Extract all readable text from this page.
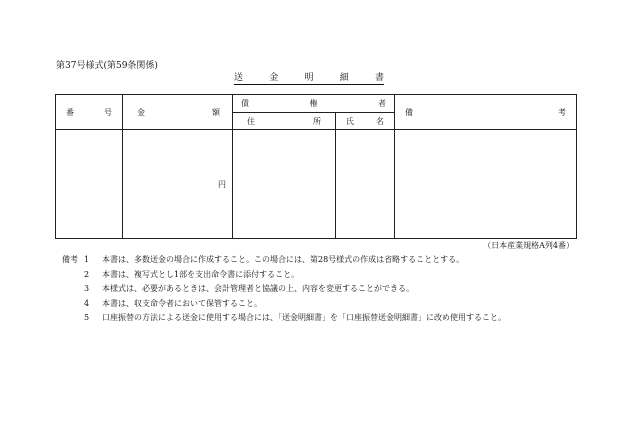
第37号様式(第59条関係)
送	金	明	細	書
番 号	金 額	債 権 者		備 考

		住 所	氏 名	

	円			
（日本産業規格A列4番）
備考 1	本書は、多数送金の場合に作成すること。この場合には、第28号様式の作成は省略することとする。
2	本書は、複写式とし1部を支出命令書に添付すること。
3	本様式は、必要があるときは、会計管理者と協議の上、内容を変更することができる。
4	本書は、収支命令者において保管すること。
5	口座振替の方法による送金に使用する場合には、「送金明細書」を「口座振替送金明細書」に改め使用すること。
